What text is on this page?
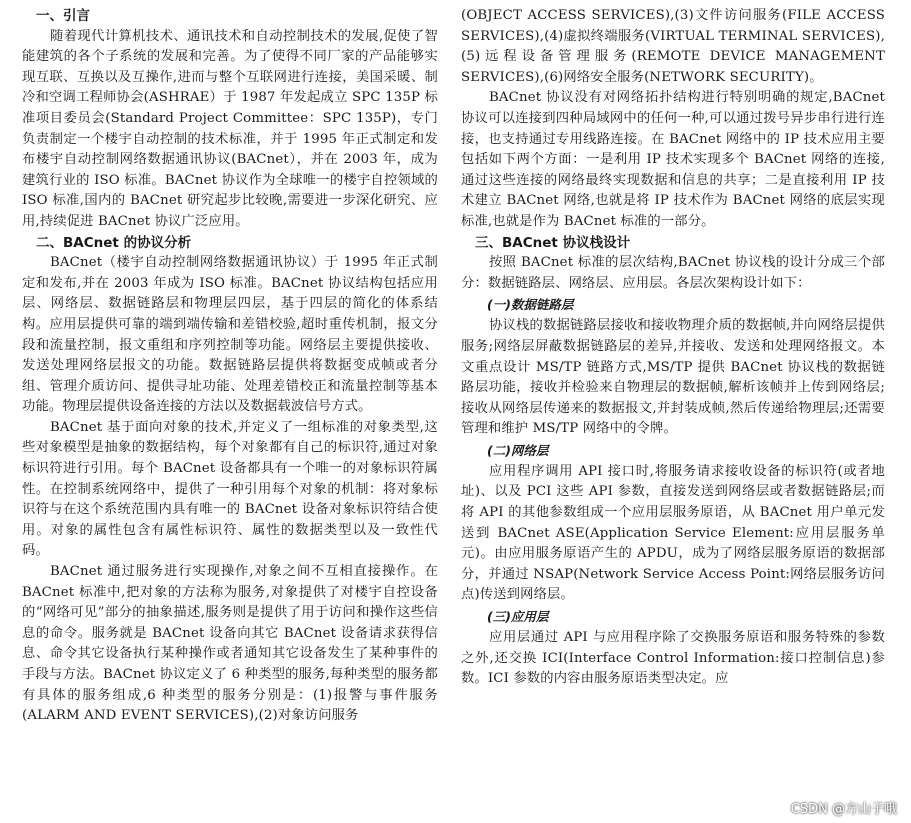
一、引言

随着现代计算机技术、通讯技术和自动控制技术的发展,促使了智能建筑的各个子系统的发展和完善。为了使得不同厂家的产品能够实现互联、互换以及互操作,进而与整个互联网进行连接，美国采暖、制冷和空调工程师协会(ASHRAE）于 1987 年发起成立 SPC 135P 标准项目委员会(Standard Project Committee：SPC 135P)，专门负责制定一个楼宇自动控制的技术标准，并于 1995 年正式制定和发布楼宇自动控制网络数据通讯协议(BACnet），并在 2003 年，成为建筑行业的 ISO 标准。BACnet 协议作为全球唯一的楼宇自控领域的 ISO 标准,国内的 BACnet 研究起步比较晚,需要进一步深化研究、应用,持续促进 BACnet 协议广泛应用。

二、BACnet 的协议分析

BACnet（楼宇自动控制网络数据通讯协议）于 1995 年正式制定和发布,并在 2003 年成为 ISO 标准。BACnet 协议结构包括应用层、网络层、数据链路层和物理层四层，基于四层的简化的体系结构。应用层提供可靠的端到端传输和差错校验,超时重传机制，报文分段和流量控制，报文重组和序列控制等功能。网络层主要提供接收、发送处理网络层报文的功能。数据链路层提供将数据变成帧或者分组、管理介质访问、提供寻址功能、处理差错校正和流量控制等基本功能。物理层提供设备连接的方法以及数据载波信号方式。

BACnet 基于面向对象的技术,并定义了一组标准的对象类型,这些对象模型是抽象的数据结构，每个对象都有自己的标识符,通过对象标识符进行引用。每个 BACnet 设备都具有一个唯一的对象标识符属性。在控制系统网络中，提供了一种引用每个对象的机制：将对象标识符与在这个系统范围内具有唯一的 BACnet 设备对象标识符结合使用。对象的属性包含有属性标识符、属性的数据类型以及一致性代码。

BACnet 通过服务进行实现操作,对象之间不互相直接操作。在 BACnet 标准中,把对象的方法称为服务,对象提供了对楼宇自控设备的“网络可见”部分的抽象描述,服务则是提供了用于访问和操作这些信息的命令。服务就是 BACnet 设备向其它 BACnet 设备请求获得信息、命令其它设备执行某种操作或者通知其它设备发生了某种事件的手段与方法。BACnet 协议定义了 6 种类型的服务,每种类型的服务都有具体的服务组成,6 种类型的服务分别是：(1)报警与事件服务(ALARM AND EVENT SERVICES),(2)对象访问服务

(OBJECT ACCESS SERVICES),(3)文件访问服务(FILE ACCESS SERVICES),(4)虚拟终端服务(VIRTUAL TERMINAL SERVICES),(5)远程设备管理服务(REMOTE DEVICE MANAGEMENT SERVICES),(6)网络安全服务(NETWORK SECURITY)。

BACnet 协议没有对网络拓扑结构进行特别明确的规定,BACnet 协议可以连接到四种局域网中的任何一种,可以通过拨号异步串行进行连接，也支持通过专用线路连接。在 BACnet 网络中的 IP 技术应用主要包括如下两个方面：一是利用 IP 技术实现多个 BACnet 网络的连接,通过这些连接的网络最终实现数据和信息的共享；二是直接利用 IP 技术建立 BACnet 网络,也就是将 IP 技术作为 BACnet 网络的底层实现标准,也就是作为 BACnet 标准的一部分。

三、BACnet 协议栈设计

按照 BACnet 标准的层次结构,BACnet 协议栈的设计分成三个部分：数据链路层、网络层、应用层。各层次架构设计如下：

(一)数据链路层

协议栈的数据链路层接收和接收物理介质的数据帧,并向网络层提供服务;网络层屏蔽数据链路层的差异,并接收、发送和处理网络报文。本文重点设计 MS/TP 链路方式,MS/TP 提供 BACnet 协议栈的数据链路层功能，接收并检验来自物理层的数据帧,解析该帧并上传到网络层;接收从网络层传递来的数据报文,并封装成帧,然后传递给物理层;还需要管理和维护 MS/TP 网络中的令牌。

(二)网络层

应用程序调用 API 接口时,将服务请求接收设备的标识符(或者地址)、以及 PCI 这些 API 参数，直接发送到网络层或者数据链路层;而将 API 的其他参数组成一个应用层服务原语，从 BACnet 用户单元发送到 BACnet ASE(Application Service Element:应用层服务单元)。由应用服务原语产生的 APDU，成为了网络层服务原语的数据部分，并通过 NSAP(Network Service Access Point:网络层服务访问点)传送到网络层。

(三)应用层

应用层通过 API 与应用程序除了交换服务原语和服务特殊的参数之外,还交换 ICI(Interface Control Information:接口控制信息)参数。ICI 参数的内容由服务原语类型决定。应

CSDN @方山子哦
